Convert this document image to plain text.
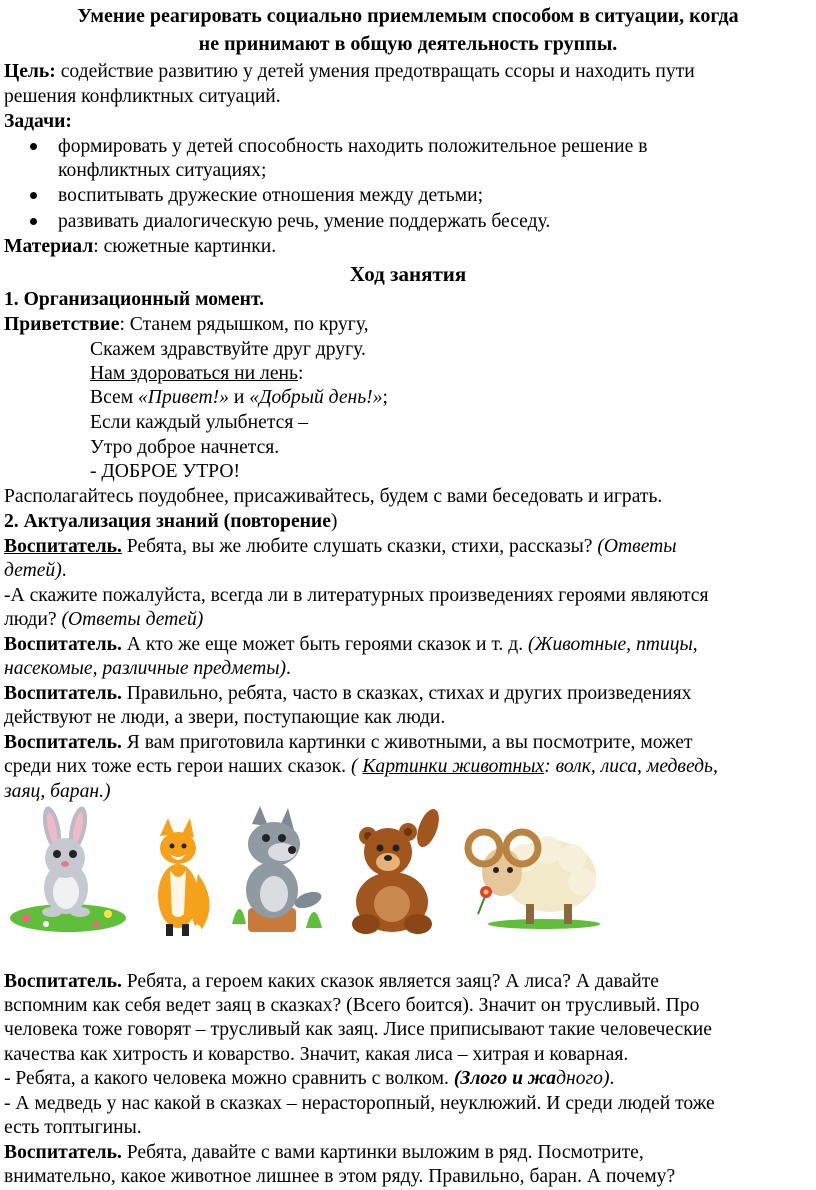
Умение реагировать социально приемлемым способом в ситуации, когда
не принимают в общую деятельность группы.
Цель: содействие развитию у детей умения предотвращать ссоры и находить пути
решения конфликтных ситуаций.
Задачи:
формировать у детей способность находить положительное решение в
конфликтных ситуациях;
воспитывать дружеские отношения между детьми;
развивать диалогическую речь, умение поддержать беседу.
Материал: сюжетные картинки.
Ход занятия
1. Организационный момент.
Приветствие: Станем рядышком, по кругу,
Скажем здравствуйте друг другу.
Нам здороваться ни лень:
Всем «Привет!» и «Добрый день!»;
Если каждый улыбнется –
Утро доброе начнется.
- ДОБРОЕ УТРО!
Располагайтесь поудобнее, присаживайтесь, будем с вами беседовать и играть.
2. Актуализация знаний (повторение)
Воспитатель. Ребята, вы же любите слушать сказки, стихи, рассказы? (Ответы
детей).
-А скажите пожалуйста, всегда ли в литературных произведениях героями являются
люди? (Ответы детей)
Воспитатель. А кто же еще может быть героями сказок и т. д. (Животные, птицы,
насекомые, различные предметы).
Воспитатель. Правильно, ребята, часто в сказках, стихах и других произведениях
действуют не люди, а звери, поступающие как люди.
Воспитатель. Я вам приготовила картинки с животными, а вы посмотрите, может
среди них тоже есть герои наших сказок. ( Картинки животных: волк, лиса, медведь,
заяц, баран.)
Воспитатель. Ребята, а героем каких сказок является заяц? А лиса? А давайте
вспомним как себя ведет заяц в сказках? (Всего боится). Значит он трусливый. Про
человека тоже говорят – трусливый как заяц. Лисе приписывают такие человеческие
качества как хитрость и коварство. Значит, какая лиса – хитрая и коварная.
- Ребята, а какого человека можно сравнить с волком. (Злого и жадного).
- А медведь у нас какой в сказках – нерасторопный, неуклюжий. И среди людей тоже
есть топтыгины.
Воспитатель. Ребята, давайте с вами картинки выложим в ряд. Посмотрите,
внимательно, какое животное лишнее в этом ряду. Правильно, баран. А почему?
